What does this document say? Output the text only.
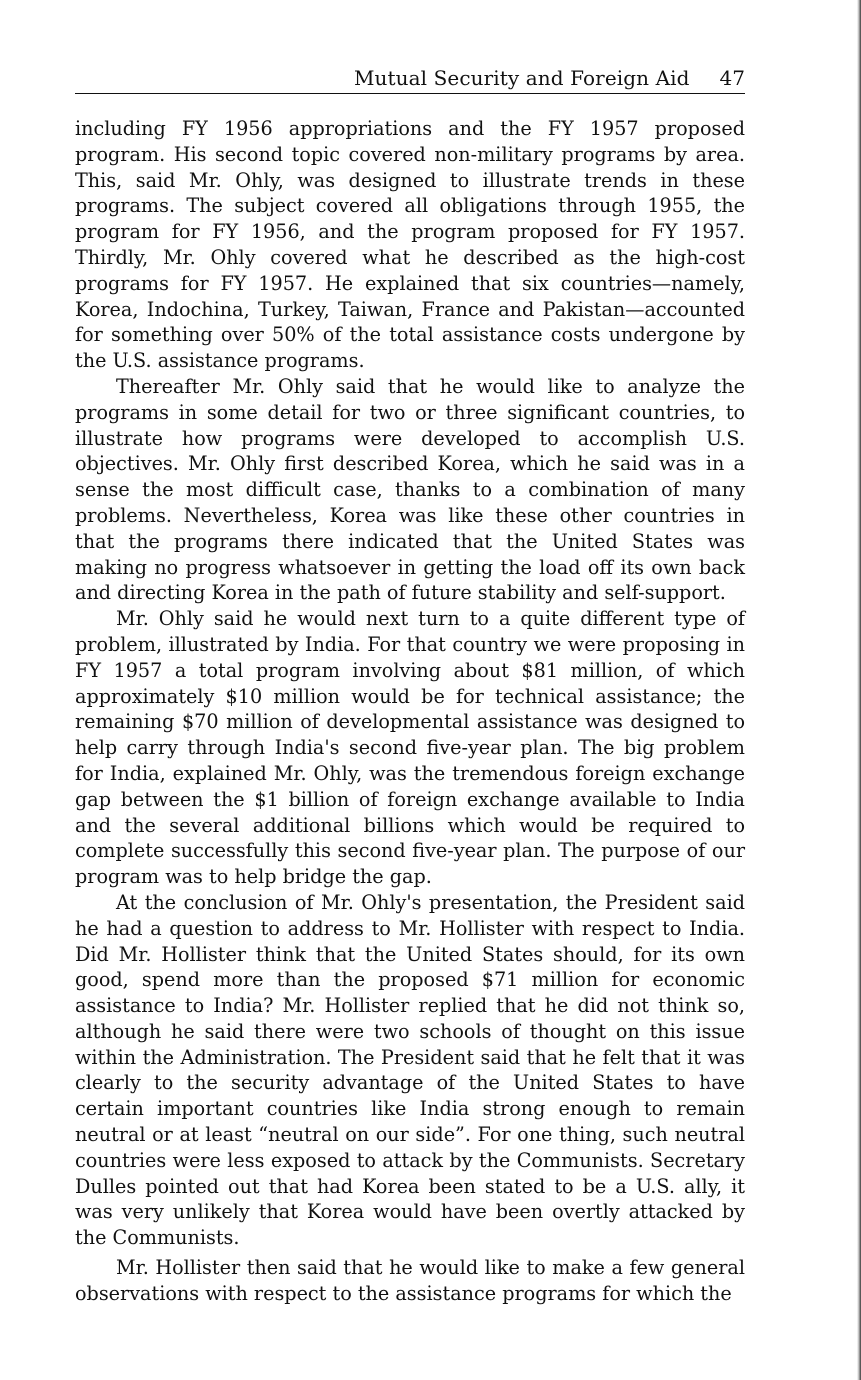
Mutual Security and Foreign Aid 47

including FY 1956 appropriations and the FY 1957 proposed program. His second topic covered non-military programs by area. This, said Mr. Ohly, was designed to illustrate trends in these programs. The subject covered all obligations through 1955, the program for FY 1956, and the program proposed for FY 1957. Thirdly, Mr. Ohly covered what he described as the high-cost programs for FY 1957. He explained that six countries—namely, Korea, Indochina, Turkey, Taiwan, France and Pakistan—accounted for something over 50% of the total assistance costs undergone by the U.S. assistance programs.

Thereafter Mr. Ohly said that he would like to analyze the programs in some detail for two or three significant countries, to illustrate how programs were developed to accomplish U.S. objectives. Mr. Ohly first described Korea, which he said was in a sense the most difficult case, thanks to a combination of many problems. Nevertheless, Korea was like these other countries in that the programs there indicated that the United States was making no progress whatsoever in getting the load off its own back and directing Korea in the path of future stability and self-support.

Mr. Ohly said he would next turn to a quite different type of problem, illustrated by India. For that country we were proposing in FY 1957 a total program involving about $81 million, of which approximately $10 million would be for technical assistance; the remaining $70 million of developmental assistance was designed to help carry through India's second five-year plan. The big problem for India, explained Mr. Ohly, was the tremendous foreign exchange gap between the $1 billion of foreign exchange available to India and the several additional billions which would be required to complete successfully this second five-year plan. The purpose of our program was to help bridge the gap.

At the conclusion of Mr. Ohly's presentation, the President said he had a question to address to Mr. Hollister with respect to India. Did Mr. Hollister think that the United States should, for its own good, spend more than the proposed $71 million for economic assistance to India? Mr. Hollister replied that he did not think so, although he said there were two schools of thought on this issue within the Administration. The President said that he felt that it was clearly to the security advantage of the United States to have certain important countries like India strong enough to remain neutral or at least “neutral on our side”. For one thing, such neutral countries were less exposed to attack by the Communists. Secretary Dulles pointed out that had Korea been stated to be a U.S. ally, it was very unlikely that Korea would have been overtly attacked by the Communists.

Mr. Hollister then said that he would like to make a few general observations with respect to the assistance programs for which the
